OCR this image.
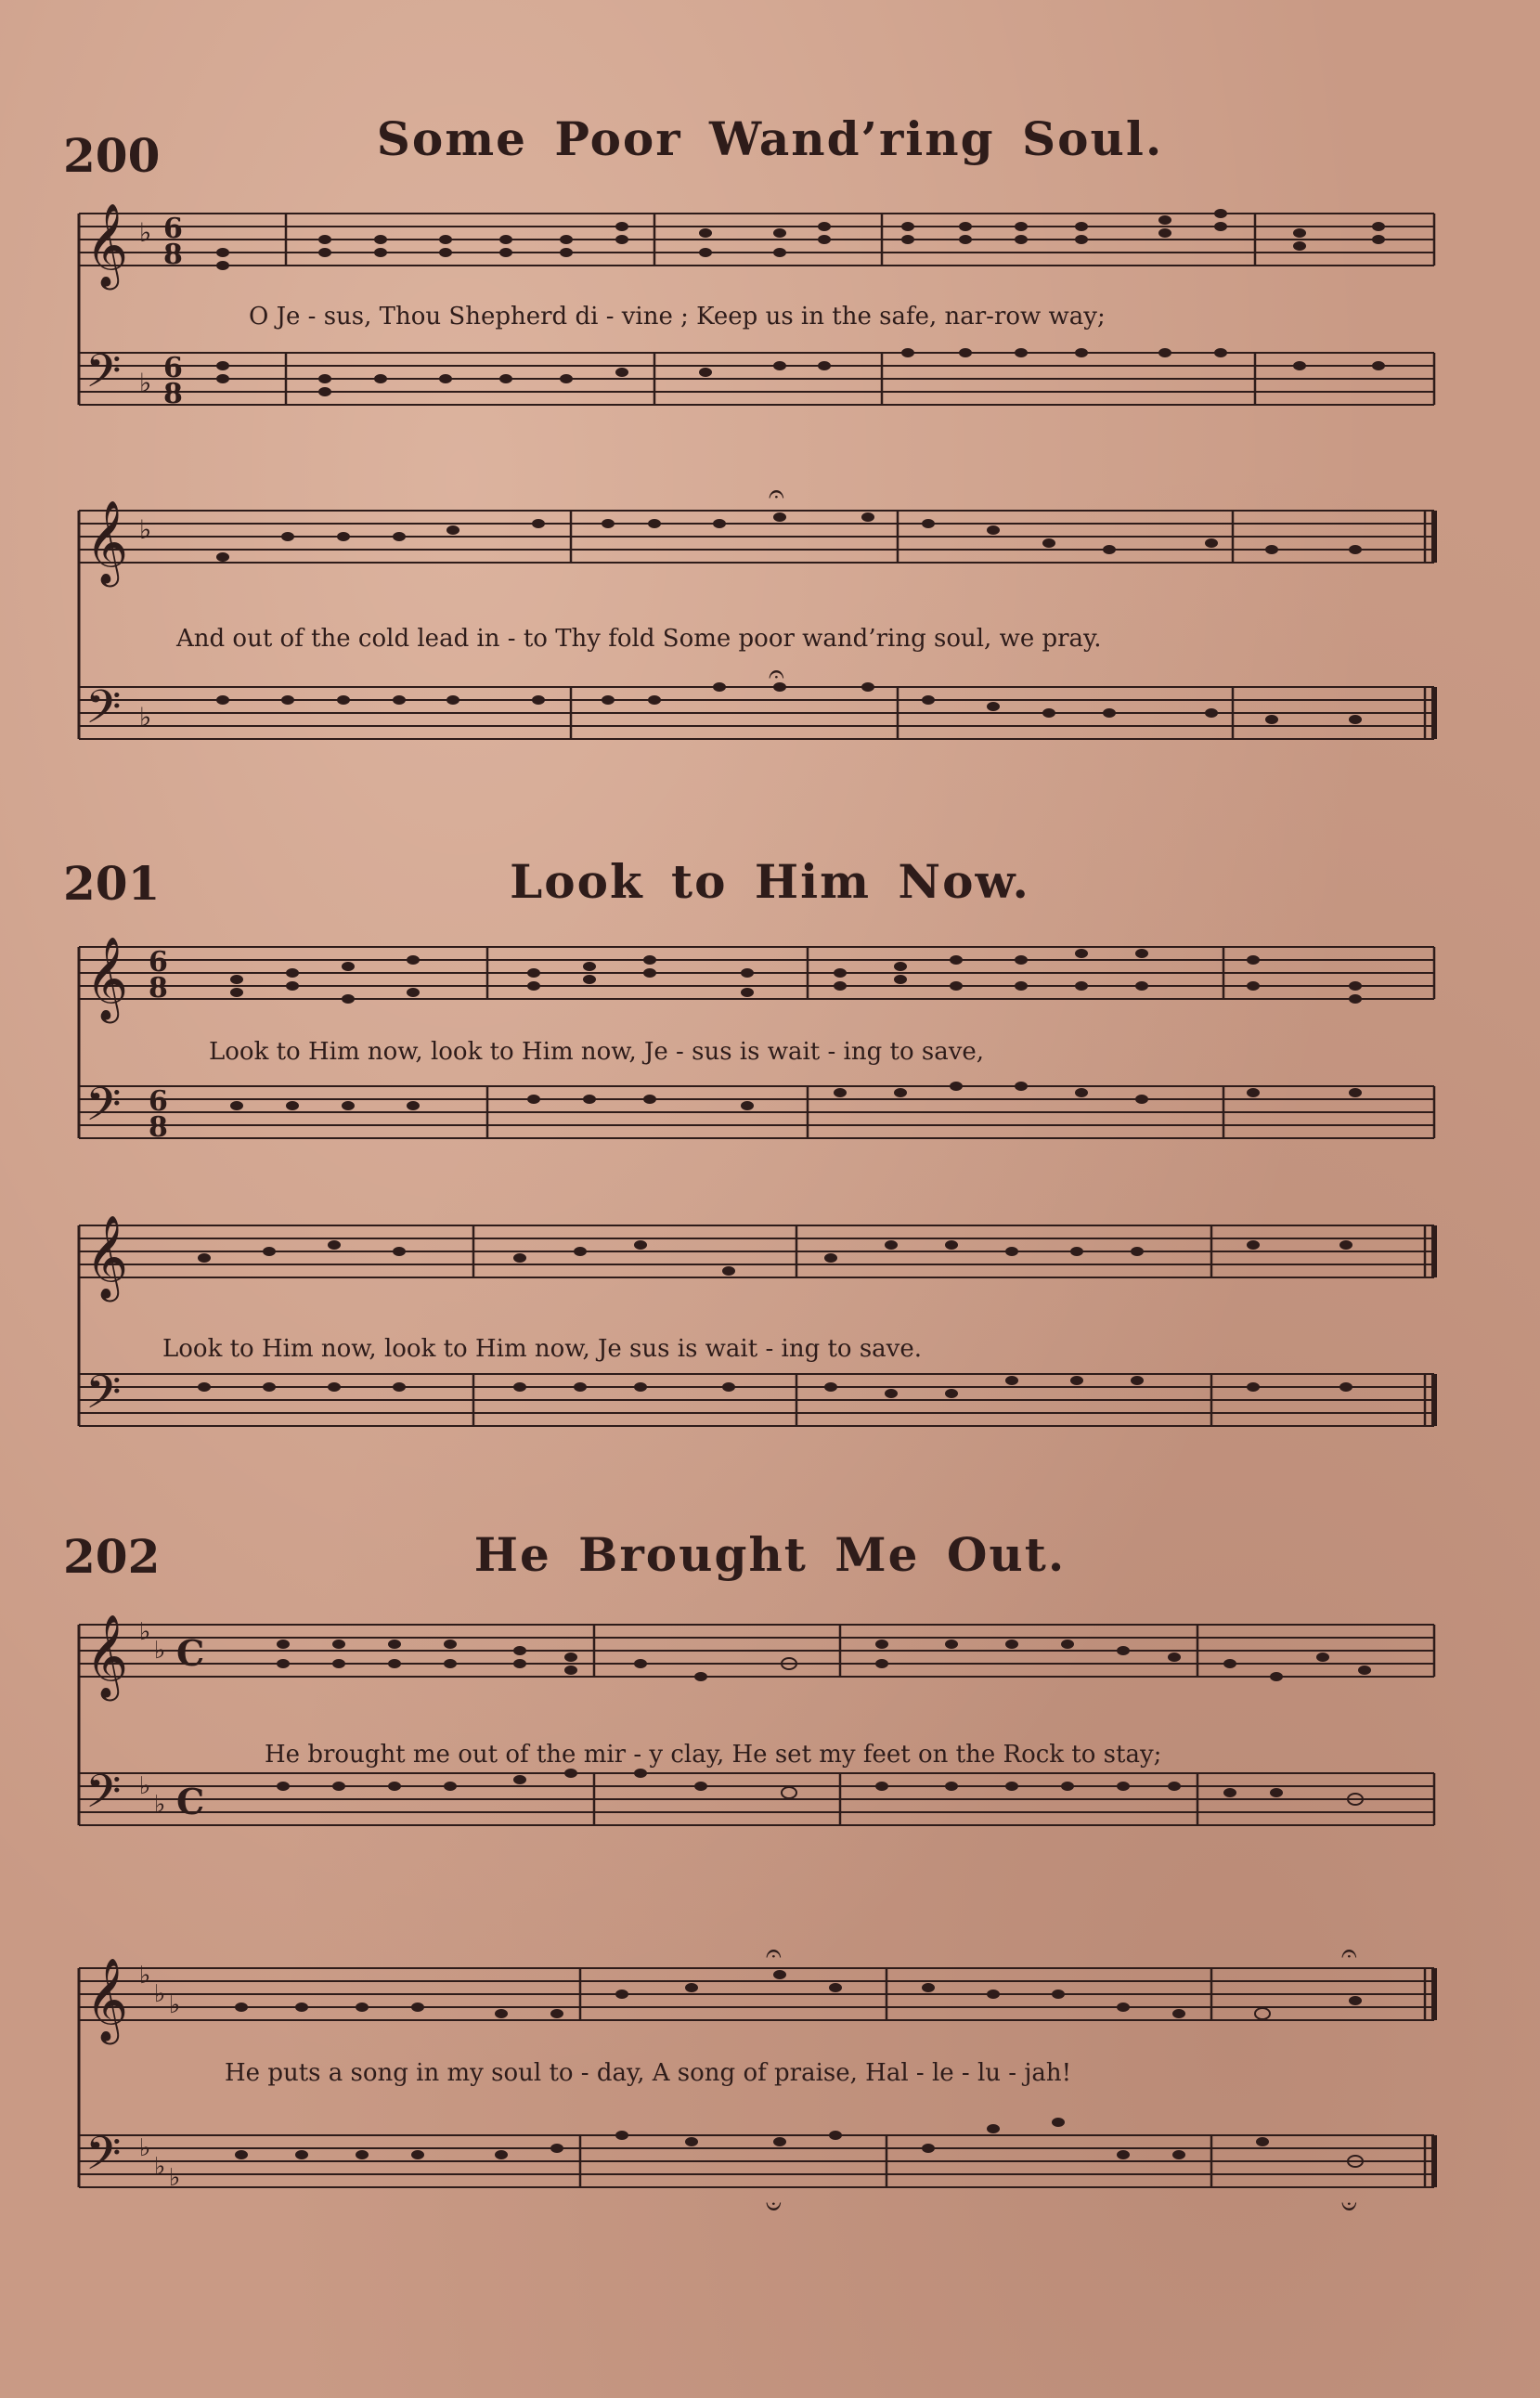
200	Some Poor Wand’ring Soul.
𝄞
𝄢
♭
♭
6
8
6
8
𝄞
𝄢
♭
♭
𝄐
𝄐
O Je - sus, Thou Shepherd di - vine ; Keep us in the safe, nar-row way;
And out of the cold lead in - to Thy fold Some poor wand’ring soul, we pray.
201	Look to Him Now.
𝄞
𝄢
6
8
6
8
𝄞
𝄢
Look to Him now, look to Him now, Je - sus is wait - ing to save,
Look to Him now, look to Him now, Je sus is wait - ing to save.
202	He Brought Me Out.
𝄞
𝄢
♭
♭
♭
♭
C
C
𝄞
𝄢
♭
♭ ♭
♭
♭ ♭
𝄐	𝄐
𝄑	𝄑
He brought me out of the mir - y clay, He set my feet on the Rock to stay;
He puts a song in my soul to - day, A song of praise, Hal - le - lu - jah!
